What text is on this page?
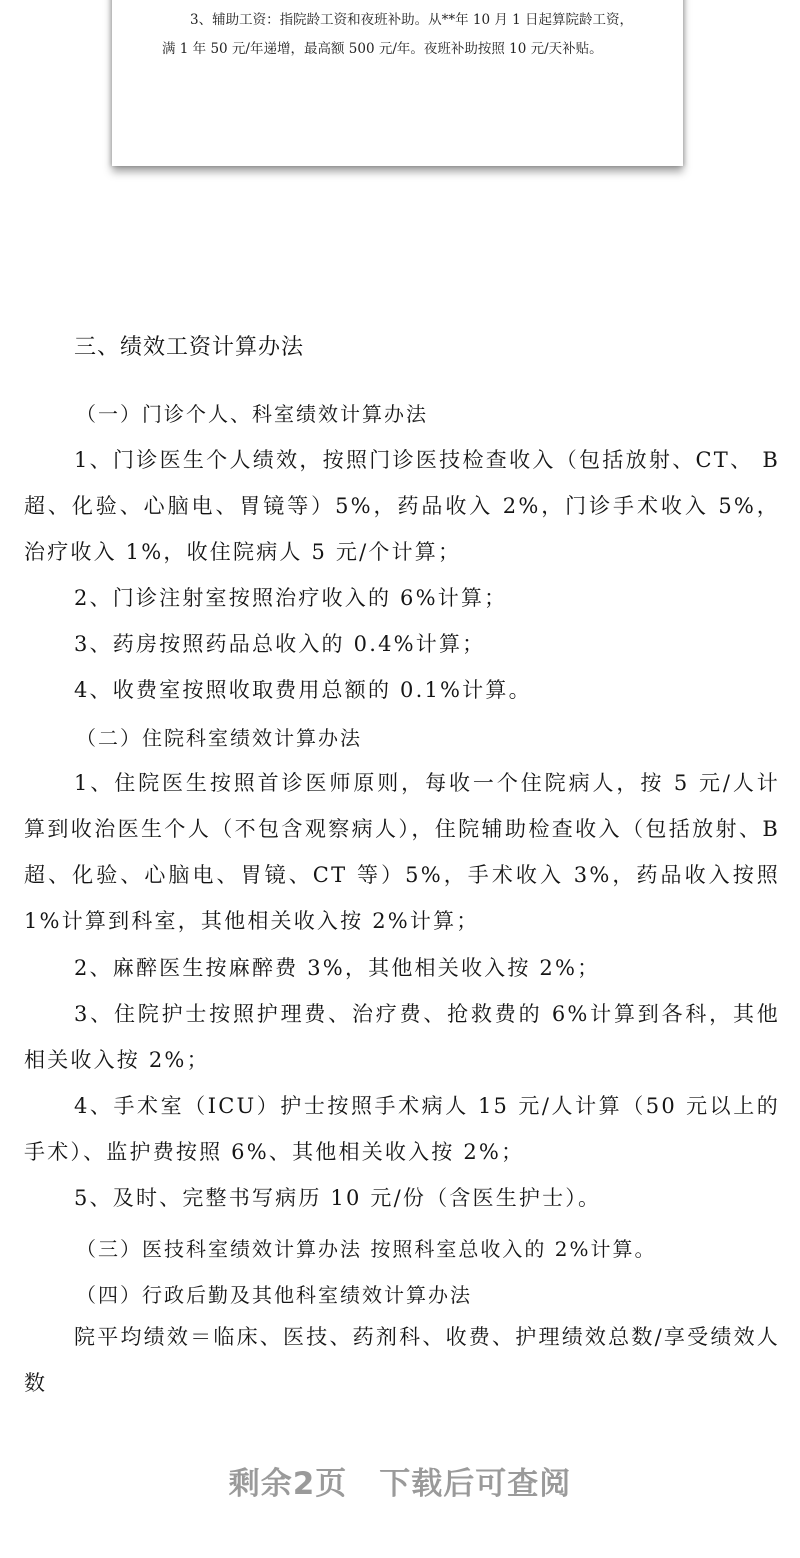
3、辅助工资：指院龄工资和夜班补助。从**年 10 月 1 日起算院龄工资，满 1 年 50 元/年递增，最高额 500 元/年。夜班补助按照 10 元/天补贴。
三、绩效工资计算办法
（一）门诊个人、科室绩效计算办法
1、门诊医生个人绩效，按照门诊医技检查收入（包括放射、CT、 B 超、化验、心脑电、胃镜等）5%，药品收入 2%，门诊手术收入 5%，治疗收入 1%，收住院病人 5 元/个计算；
2、门诊注射室按照治疗收入的 6%计算；
3、药房按照药品总收入的 0.4%计算；
4、收费室按照收取费用总额的 0.1%计算。
（二）住院科室绩效计算办法
1、住院医生按照首诊医师原则，每收一个住院病人，按 5 元/人计算到收治医生个人（不包含观察病人），住院辅助检查收入（包括放射、B 超、化验、心脑电、胃镜、CT 等）5%，手术收入 3%，药品收入按照 1%计算到科室，其他相关收入按 2%计算；
2、麻醉医生按麻醉费 3%，其他相关收入按 2%；
3、住院护士按照护理费、治疗费、抢救费的 6%计算到各科，其他相关收入按 2%；
4、手术室（ICU）护士按照手术病人 15 元/人计算（50 元以上的手术）、监护费按照 6%、其他相关收入按 2%；
5、及时、完整书写病历 10 元/份（含医生护士）。
（三）医技科室绩效计算办法 按照科室总收入的 2%计算。
（四）行政后勤及其他科室绩效计算办法
院平均绩效＝临床、医技、药剂科、收费、护理绩效总数/享受绩效人数
剩余2页 下载后可查阅
